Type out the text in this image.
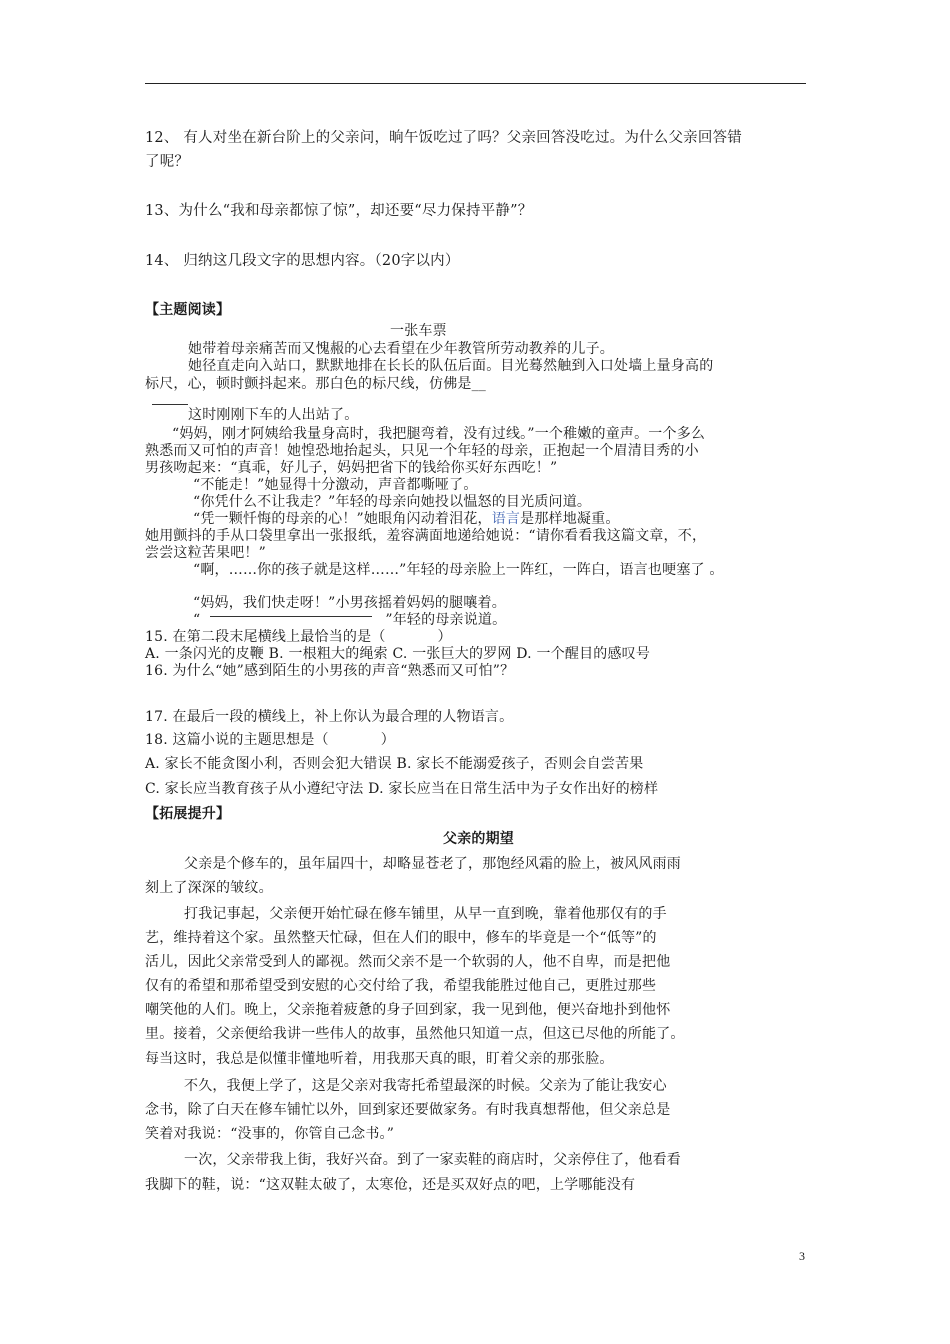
12、 有人对坐在新台阶上的父亲问，晌午饭吃过了吗？父亲回答没吃过。为什么父亲回答错
了呢？
13、为什么“我和母亲都惊了惊”，却还要“尽力保持平静”？
14、 归纳这几段文字的思想内容。（20字以内）
【主题阅读】
一张车票
她带着母亲痛苦而又愧赧的心去看望在少年教管所劳动教养的儿子。
她径直走向入站口，默默地排在长长的队伍后面。目光蓦然触到入口处墙上量身高的
标尺，心，顿时颤抖起来。那白色的标尺线，仿佛是__
这时刚刚下车的人出站了。
“妈妈，刚才阿姨给我量身高时，我把腿弯着，没有过线。”一个稚嫩的童声。一个多么
熟悉而又可怕的声音！她惶恐地抬起头，只见一个年轻的母亲，正抱起一个眉清目秀的小
男孩吻起来：“真乖，好儿子，妈妈把省下的钱给你买好东西吃！”
“不能走！”她显得十分激动，声音都嘶哑了。
“你凭什么不让我走？”年轻的母亲向她投以愠怒的目光质问道。
“凭一颗忏悔的母亲的心！”她眼角闪动着泪花，语言是那样地凝重。
她用颤抖的手从口袋里拿出一张报纸，羞容满面地递给她说：“请你看看我这篇文章，不，
尝尝这粒苦果吧！”
“啊，……你的孩子就是这样……”年轻的母亲脸上一阵红，一阵白，语言也哽塞了 。
“妈妈，我们快走呀！”小男孩摇着妈妈的腿嚷着。
“	”年轻的母亲说道。
15. 在第二段末尾横线上最恰当的是（	）
A. 一条闪光的皮鞭 B. 一根粗大的绳索 C. 一张巨大的罗网 D. 一个醒目的感叹号
16. 为什么“她”感到陌生的小男孩的声音“熟悉而又可怕”？
17. 在最后一段的横线上，补上你认为最合理的人物语言。
18. 这篇小说的主题思想是（	）
A. 家长不能贪图小利，否则会犯大错误 B. 家长不能溺爱孩子，否则会自尝苦果
C. 家长应当教育孩子从小遵纪守法 D. 家长应当在日常生活中为子女作出好的榜样
【拓展提升】
父亲的期望
父亲是个修车的，虽年届四十，却略显苍老了，那饱经风霜的脸上，被风风雨雨
刻上了深深的皱纹。
打我记事起，父亲便开始忙碌在修车铺里，从早一直到晚，靠着他那仅有的手
艺，维持着这个家。虽然整天忙碌，但在人们的眼中，修车的毕竟是一个“低等”的
活儿，因此父亲常受到人的鄙视。然而父亲不是一个软弱的人，他不自卑，而是把他
仅有的希望和那希望受到安慰的心交付给了我，希望我能胜过他自己，更胜过那些
嘲笑他的人们。晚上，父亲拖着疲惫的身子回到家，我一见到他，便兴奋地扑到他怀
里。接着，父亲便给我讲一些伟人的故事，虽然他只知道一点，但这已尽他的所能了。
每当这时，我总是似懂非懂地听着，用我那天真的眼，盯着父亲的那张脸。
不久，我便上学了，这是父亲对我寄托希望最深的时候。父亲为了能让我安心
念书，除了白天在修车铺忙以外，回到家还要做家务。有时我真想帮他，但父亲总是
笑着对我说：“没事的，你管自己念书。”
一次，父亲带我上街，我好兴奋。到了一家卖鞋的商店时，父亲停住了，他看看
我脚下的鞋，说：“这双鞋太破了，太寒伧，还是买双好点的吧，上学哪能没有
3
